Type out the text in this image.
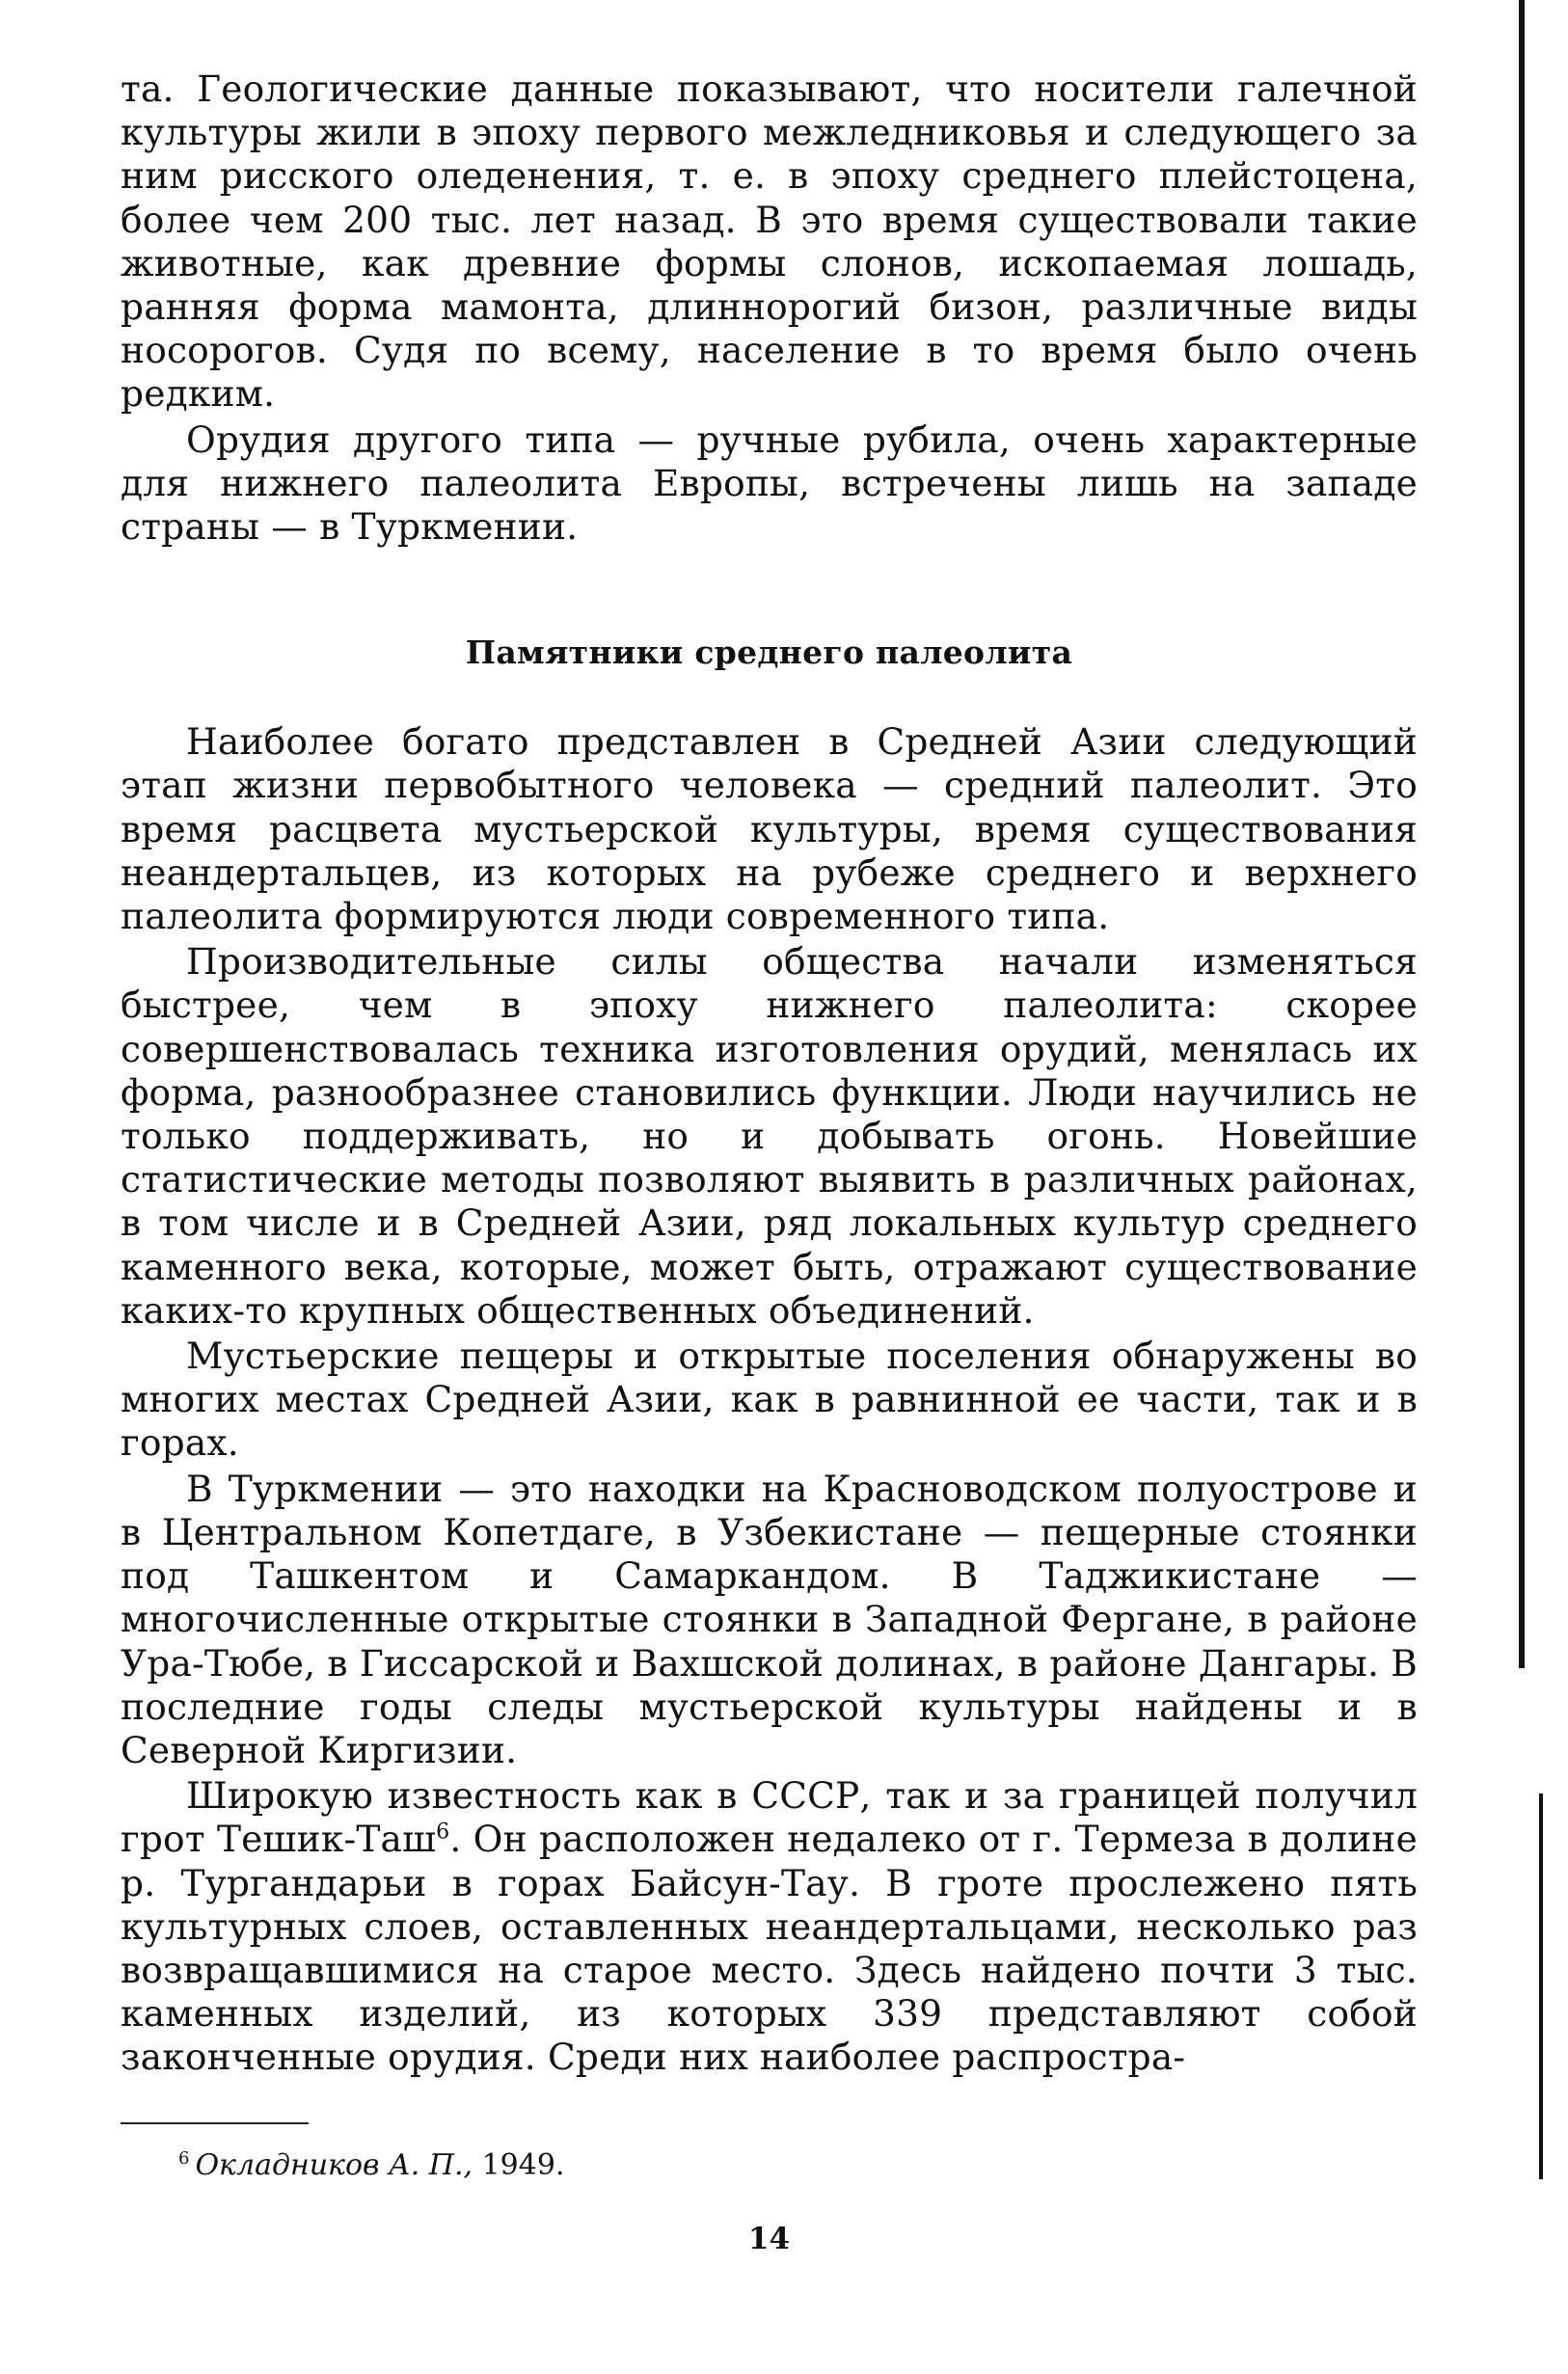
та. Геологические данные показывают, что носители галечной культуры жили в эпоху первого межледниковья и следующего за ним рисского оледенения, т. е. в эпоху среднего плейстоцена, более чем 200 тыс. лет назад. В это время существовали такие животные, как древние формы слонов, ископаемая лошадь, ранняя форма мамонта, длиннорогий бизон, различные виды носорогов. Судя по всему, население в то время было очень редким.

Орудия другого типа — ручные рубила, очень характерные для нижнего палеолита Европы, встречены лишь на западе страны — в Туркмении.

Памятники среднего палеолита

Наиболее богато представлен в Средней Азии следующий этап жизни первобытного человека — средний палеолит. Это время расцвета мустьерской культуры, время существования неандертальцев, из которых на рубеже среднего и верхнего палеолита формируются люди современного типа.

Производительные силы общества начали изменяться быстрее, чем в эпоху нижнего палеолита: скорее совершенствовалась техника изготовления орудий, менялась их форма, разнообразнее становились функции. Люди научились не только поддерживать, но и добывать огонь. Новейшие статистические методы позволяют выявить в различных районах, в том числе и в Средней Азии, ряд локальных культур среднего каменного века, которые, может быть, отражают существование каких-то крупных общественных объединений.

Мустьерские пещеры и открытые поселения обнаружены во многих местах Средней Азии, как в равнинной ее части, так и в горах.

В Туркмении — это находки на Красноводском полуострове и в Центральном Копетдаге, в Узбекистане — пещерные стоянки под Ташкентом и Самаркандом. В Таджикистане — многочисленные открытые стоянки в Западной Фергане, в районе Ура-Тюбе, в Гиссарской и Вахшской долинах, в районе Дангары. В последние годы следы мустьерской культуры найдены и в Северной Киргизии.

Широкую известность как в СССР, так и за границей получил грот Тешик-Таш$^6$. Он расположен недалеко от г. Термеза в долине р. Тургандарьи в горах Байсун-Тау. В гроте прослежено пять культурных слоев, оставленных неандертальцами, несколько раз возвращавшимися на старое место. Здесь найдено почти 3 тыс. каменных изделий, из которых 339 представляют собой законченные орудия. Среди них наиболее распростра-

$^6$ Окладников А. П., 1949.
14
